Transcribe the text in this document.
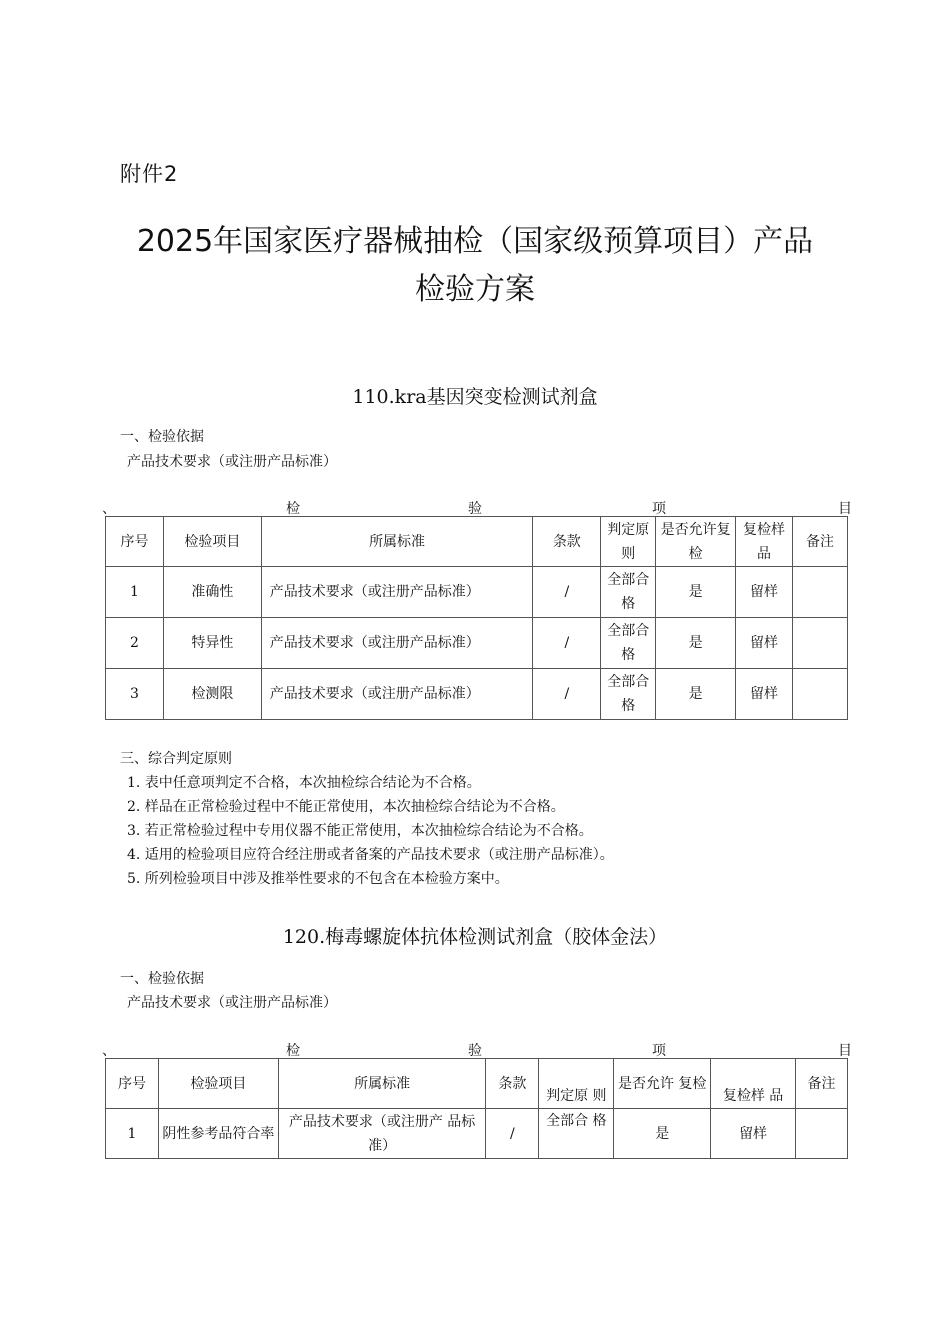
附件2
2025年国家医疗器械抽检（国家级预算项目）产品
检验方案
110.kra基因突变检测试剂盒
一、检验依据
产品技术要求（或注册产品标准）
、	检	验	项	目
序号	检验项目	所属标准	条款	判定原则	是否允许复检	复检样品	备注
1	准确性	产品技术要求（或注册产品标准）	/	全部合格	是	留样	
2	特异性	产品技术要求（或注册产品标准）	/	全部合格	是	留样	
3	检测限	产品技术要求（或注册产品标准）	/	全部合格	是	留样	
三、综合判定原则
1. 表中任意项判定不合格，本次抽检综合结论为不合格。
2. 样品在正常检验过程中不能正常使用，本次抽检综合结论为不合格。
3. 若正常检验过程中专用仪器不能正常使用，本次抽检综合结论为不合格。
4. 适用的检验项目应符合经注册或者备案的产品技术要求（或注册产品标准）。
5. 所列检验项目中涉及推举性要求的不包含在本检验方案中。
120.梅毒螺旋体抗体检测试剂盒（胶体金法）
一、检验依据
产品技术要求（或注册产品标准）
、	检	验	项	目
序号	检验项目	所属标准	条款	判定原 则	是否允许 复检	复检样 品	备注
1	阴性参考品符合率	产品技术要求（或注册产 品标准）	/	全部合 格	是	留样	
